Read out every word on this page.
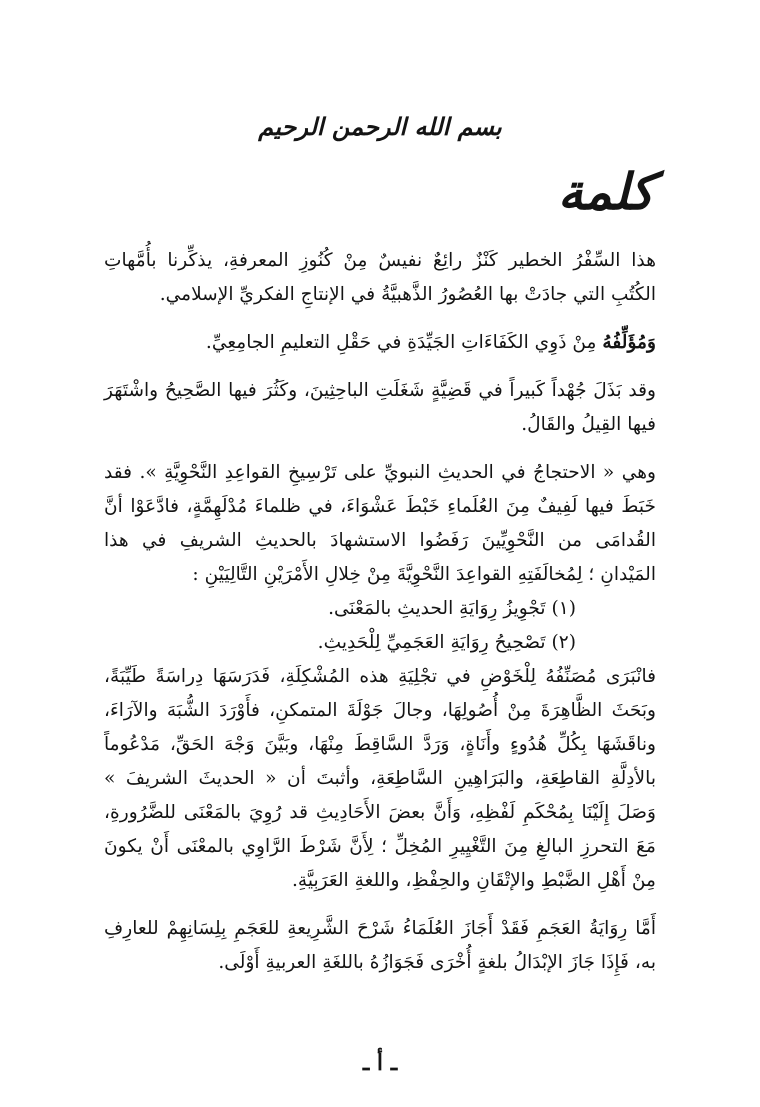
بسم الله الرحمن الرحيم
كلمة

هذا السِّفْرُ الخطير كَنْزٌ رائِعٌ نفيسٌ مِنْ كُنُوزِ المعرفةِ، يذكِّرنا بأُمَّهاتِ الكُتُبِ التي جادَتْ بها العُصُورُ الذَّهبيَّةُ في الإنتاجِ الفكريِّ الإسلامي.

وَمُؤَلِّفُهُ مِنْ ذَوِي الكَفَاءَاتِ الجَيِّدَةِ في حَقْلِ التعليمِ الجامِعِيِّ.

وقد بَذَلَ جُهْداً كَبيراً في قَضِيَّةٍ شَغَلَتِ الباحِثِينَ، وكَثُرَ فيها الصَّحِيحُ واشْتَهَرَ فيها القِيلُ والقَالُ.

وهي « الاحتجاجُ في الحديثِ النبويِّ على تَرْسِيخِ القواعِدِ النَّحْوِيَّةِ ». فقد خَبَطَ فيها لَفِيفٌ مِنَ العُلَماءِ خَبْطَ عَشْوَاءَ، في ظلماءَ مُدْلَهِمَّةٍ، فادَّعَوْا أنَّ القُدامَى من النَّحْوِيِّينَ رَفَضُوا الاستشهادَ بالحديثِ الشريفِ في هذا المَيْدانِ ؛ لِمُخالَفَتِهِ القواعِدَ النَّحْوِيَّةَ مِنْ خِلالِ الأَمْرَيْنِ التَّالِيَيْنِ :

(١) تَجْوِيزُ رِوَايَةِ الحديثِ بالمَعْنَى.
(٢) تَصْحِيحُ رِوَايَةِ العَجَمِيِّ لِلْحَدِيثِ.

فانْبَرَى مُصَنِّفُهُ لِلْخَوْضِ في تجْلِيَةِ هذه المُشْكِلَةِ، فَدَرَسَهَا دِراسَةً طَيِّبَةً، وبَحَثَ الظَّاهِرَةَ مِنْ أُصُولِهَا، وجالَ جَوْلَةَ المتمكنِ، فأَوْرَدَ الشُّبَهَ والآرَاءَ، وناقَشَهَا بِكُلِّ هُدُوءٍ وأَنَاةٍ، وَرَدَّ السَّاقِطَ مِنْهَا، وبَيَّنَ وَجْهَ الحَقِّ، مَدْعُوماً بالأدِلَّةِ القاطِعَةِ، والبَرَاهِينِ السَّاطِعَةِ، وأثبتَ أن « الحديثَ الشريفَ » وَصَلَ إِلَيْنَا بِمُحْكَمِ لَفْظِهِ، وَأَنَّ بعضَ الأَحَادِيثِ قد رُوِيَ بالمَعْنَى للضَّرُورةِ، مَعَ التحرزِ البالغِ مِنَ التَّغْيِيرِ المُخِلِّ ؛ لِأَنَّ شَرْطَ الرَّاوِي بالمعْنَى أَنْ يكونَ مِنْ أَهْلِ الضَّبْطِ والإتْقَانِ والحِفْظِ، واللغةِ العَرَبِيَّةِ.

أَمَّا رِوَايَةُ العَجَمِ فَقَدْ أَجَازَ العُلَمَاءُ شَرْحَ الشَّرِيعةِ للعَجَمِ بِلِسَانِهِمْ للعارِفِ به، فَإِذَا جَازَ الإبْدَالُ بلغةٍ أُخْرَى فَجَوَازُهُ باللغَةِ العربيةِ أَوْلَى.

ـ أ ـ
